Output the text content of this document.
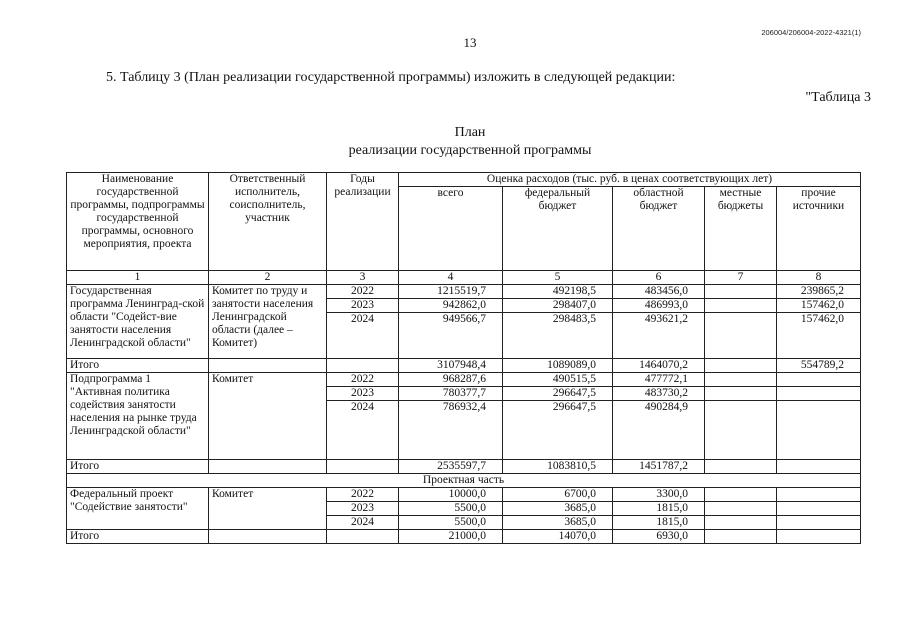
206004/206004-2022-4321(1)
13
5. Таблицу 3 (План реализации государственной программы) изложить в следующей редакции:
"Таблица 3
План
реализации государственной программы
Наименование государственной программы, подпрограммы государственной программы, основного мероприятия, проекта	Ответственный исполнитель, соисполнитель, участник	Годы реализации	Оценка расходов (тыс. руб. в ценах соответствующих лет)				
			всего	федеральный бюджет	областной бюджет	местные бюджеты	прочие источники
1	2	3	4	5	6	7	8
Государственная программа Ленинград-ской области "Содейст-вие занятости населения Ленинградской области"	Комитет по труду и занятости населения Ленинградской области (далее – Комитет)	2022	1215519,7	492198,5	483456,0		239865,2
		2023	942862,0	298407,0	486993,0		157462,0
		2024	949566,7	298483,5	493621,2		157462,0
Итого			3107948,4	1089089,0	1464070,2		554789,2
Подпрограмма 1 "Активная политика содействия занятости населения на рынке труда Ленинградской области"	Комитет	2022	968287,6	490515,5	477772,1		
		2023	780377,7	296647,5	483730,2		
		2024	786932,4	296647,5	490284,9		
Итого			2535597,7	1083810,5	1451787,2		
Проектная часть							
Федеральный проект "Содействие занятости"	Комитет	2022	10000,0	6700,0	3300,0		
		2023	5500,0	3685,0	1815,0		
		2024	5500,0	3685,0	1815,0		
Итого			21000,0	14070,0	6930,0		
